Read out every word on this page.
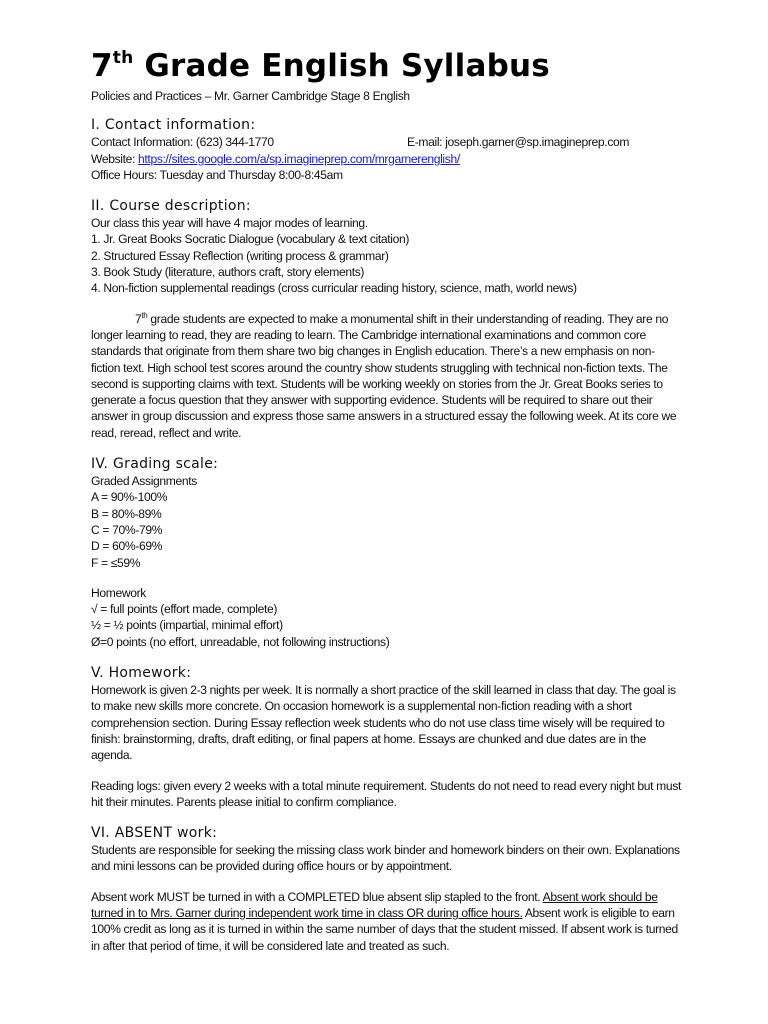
7th Grade English Syllabus

Policies and Practices – Mr. Garner Cambridge Stage 8 English

I. Contact information:

Contact Information: (623) 344-1770	E-mail: joseph.garner@sp.imagineprep.com

Website: https://sites.google.com/a/sp.imagineprep.com/mrgarnerenglish/

Office Hours: Tuesday and Thursday 8:00-8:45am

II. Course description:

Our class this year will have 4 major modes of learning.

1. Jr. Great Books Socratic Dialogue (vocabulary & text citation)

2. Structured Essay Reflection (writing process & grammar)

3. Book Study (literature, authors craft, story elements)

4. Non-fiction supplemental readings (cross curricular reading history, science, math, world news)

7th grade students are expected to make a monumental shift in their understanding of reading. They are no longer learning to read, they are reading to learn. The Cambridge international examinations and common core standards that originate from them share two big changes in English education. There’s a new emphasis on non-fiction text. High school test scores around the country show students struggling with technical non-fiction texts. The second is supporting claims with text. Students will be working weekly on stories from the Jr. Great Books series to generate a focus question that they answer with supporting evidence. Students will be required to share out their answer in group discussion and express those same answers in a structured essay the following week. At its core we read, reread, reflect and write.

IV. Grading scale:

Graded Assignments

A = 90%-100%

B = 80%-89%

C = 70%-79%

D = 60%-69%

F = ≤59%

Homework

√ = full points (effort made, complete)

½ = ½ points (impartial, minimal effort)

Ø=0 points (no effort, unreadable, not following instructions)

V. Homework:

Homework is given 2-3 nights per week. It is normally a short practice of the skill learned in class that day. The goal is to make new skills more concrete. On occasion homework is a supplemental non-fiction reading with a short comprehension section. During Essay reflection week students who do not use class time wisely will be required to finish: brainstorming, drafts, draft editing, or final papers at home. Essays are chunked and due dates are in the agenda.

Reading logs: given every 2 weeks with a total minute requirement. Students do not need to read every night but must hit their minutes. Parents please initial to confirm compliance.

VI. ABSENT work:

Students are responsible for seeking the missing class work binder and homework binders on their own. Explanations and mini lessons can be provided during office hours or by appointment.

Absent work MUST be turned in with a COMPLETED blue absent slip stapled to the front. Absent work should be turned in to Mrs. Garner during independent work time in class OR during office hours. Absent work is eligible to earn 100% credit as long as it is turned in within the same number of days that the student missed. If absent work is turned in after that period of time, it will be considered late and treated as such.
